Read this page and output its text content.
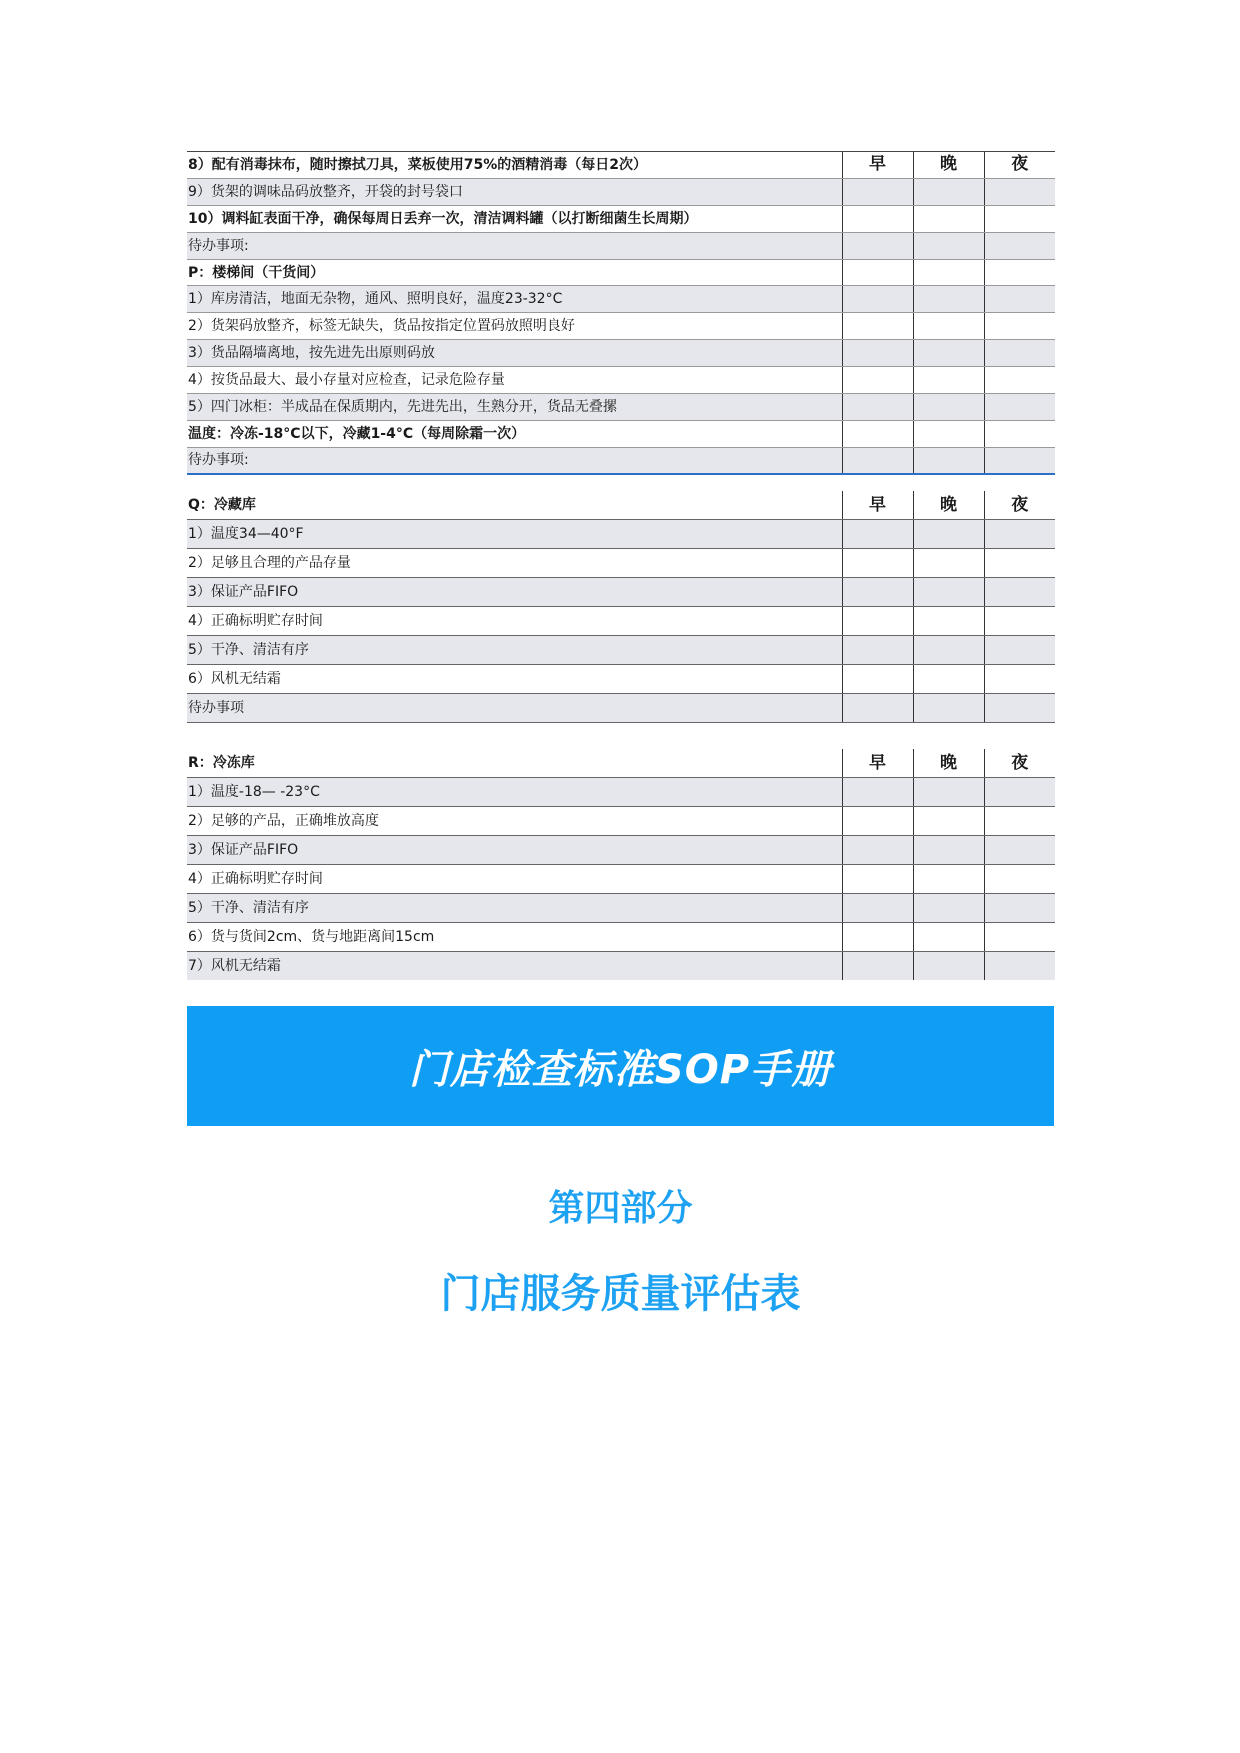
8）配有消毒抹布，随时擦拭刀具，菜板使用75%的酒精消毒（每日2次）	早	晚	夜
9）货架的调味品码放整齐，开袋的封号袋口			
10）调料缸表面干净，确保每周日丢弃一次，清洁调料罐（以打断细菌生长周期）			
待办事项:			
P：楼梯间（干货间）			
1）库房清洁，地面无杂物，通风、照明良好，温度23-32°C			
2）货架码放整齐，标签无缺失，货品按指定位置码放照明良好			
3）货品隔墙离地，按先进先出原则码放			
4）按货品最大、最小存量对应检查，记录危险存量			
5）四门冰柜：半成品在保质期内，先进先出，生熟分开，货品无叠摞			
温度：冷冻-18°C以下，冷藏1-4°C（每周除霜一次）			
待办事项:			
Q：冷藏库	早	晚	夜
1）温度34—40°F			
2）足够且合理的产品存量			
3）保证产品FIFO			
4）正确标明贮存时间			
5）干净、清洁有序			
6）风机无结霜			
待办事项			
R：冷冻库	早	晚	夜
1）温度-18— -23°C			
2）足够的产品，正确堆放高度			
3）保证产品FIFO			
4）正确标明贮存时间			
5）干净、清洁有序			
6）货与货间2cm、货与地距离间15cm			
7）风机无结霜			
门店检查标准SOP手册
第四部分
门店服务质量评估表
